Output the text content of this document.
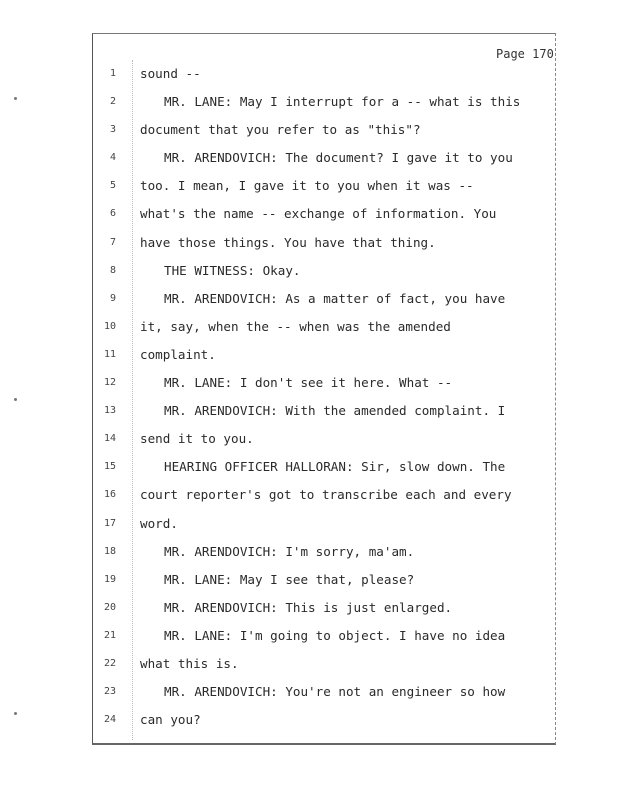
Page 170
1 sound --
2	MR. LANE: May I interrupt for a -- what is this
3 document that you refer to as "this"?
4	MR. ARENDOVICH: The document? I gave it to you
5 too. I mean, I gave it to you when it was --
6 what's the name -- exchange of information. You
7 have those things. You have that thing.
8	THE WITNESS: Okay.
9	MR. ARENDOVICH: As a matter of fact, you have
10 it, say, when the -- when was the amended
11 complaint.
12	MR. LANE: I don't see it here. What --
13	MR. ARENDOVICH: With the amended complaint. I
14 send it to you.
15	HEARING OFFICER HALLORAN: Sir, slow down. The
16 court reporter's got to transcribe each and every
17 word.
18	MR. ARENDOVICH: I'm sorry, ma'am.
19	MR. LANE: May I see that, please?
20	MR. ARENDOVICH: This is just enlarged.
21	MR. LANE: I'm going to object. I have no idea
22 what this is.
23	MR. ARENDOVICH: You're not an engineer so how
24 can you?
